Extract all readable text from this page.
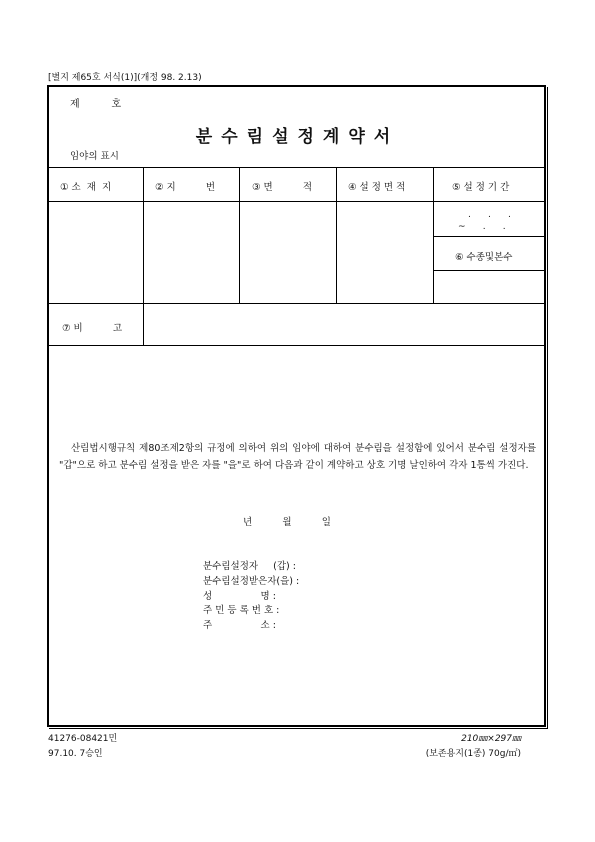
[별지 제65호 서식(1)](개정 98. 2.13)
제          호
분수림설정계약서
임야의 표시
① 소  재  지	② 지          번	③ 면          적	④ 설 정 면 적	⑤ 설 정 기 간
.      .      .
~      .      .
⑥ 수종및본수
⑦ 비          고
산림법시행규칙 제80조제2항의 규정에 의하여 위의 임야에 대하여 분수림을 설정함에 있어서 분수림 설정자를 "갑"으로 하고 분수림 설정을 받은 자를 "을"로 하여 다음과 같이 계약하고 상호 기명 날인하여 각자 1통씩 가진다.
년          월          일
분수림설정자     (갑) :
분수림설정받은자(을) :
성                명 :
주 민 등 록 번 호 :
주                소 :
41276-08421민
97.10. 7승인
210㎜×297㎜
(보존용지(1종) 70g/㎡)
